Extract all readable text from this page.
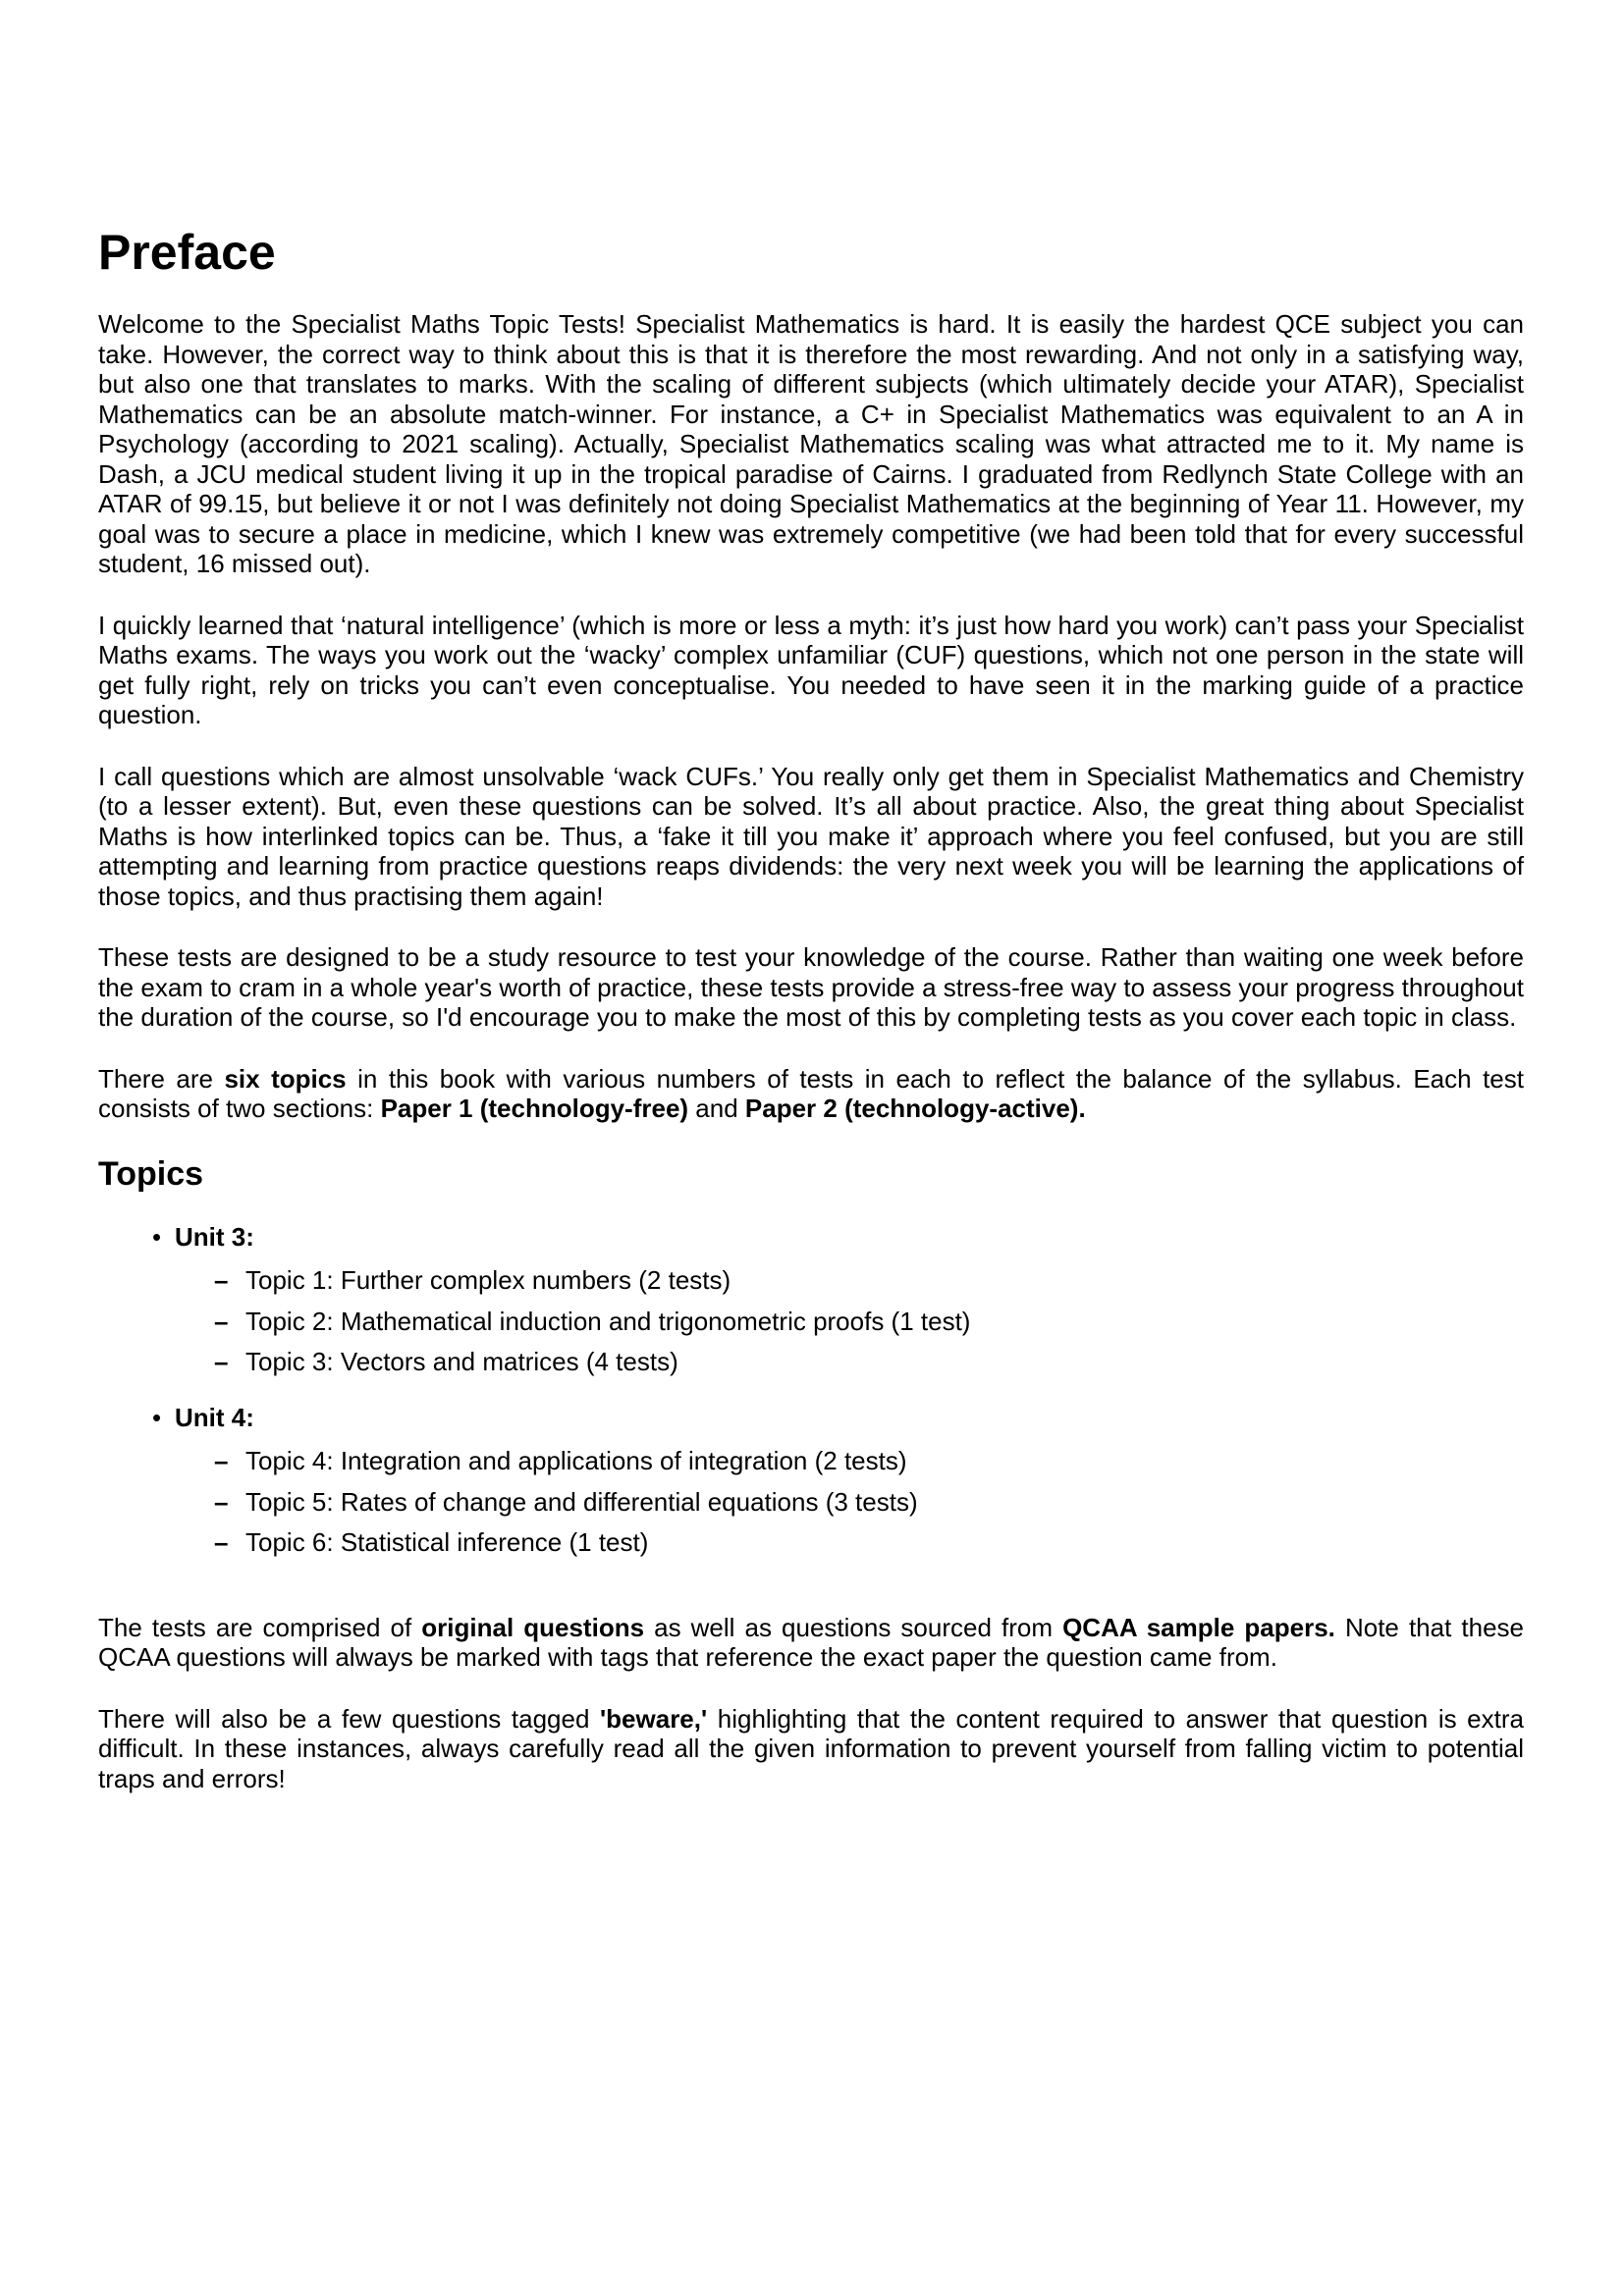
Preface

Welcome to the Specialist Maths Topic Tests! Specialist Mathematics is hard. It is easily the hardest QCE subject you can take. However, the correct way to think about this is that it is therefore the most rewarding. And not only in a satisfying way, but also one that translates to marks. With the scaling of different subjects (which ultimately decide your ATAR), Specialist Mathematics can be an absolute match-winner. For instance, a C+ in Specialist Mathematics was equivalent to an A in Psychology (according to 2021 scaling). Actually, Specialist Mathematics scaling was what attracted me to it. My name is Dash, a JCU medical student living it up in the tropical paradise of Cairns. I graduated from Redlynch State College with an ATAR of 99.15, but believe it or not I was definitely not doing Specialist Mathematics at the beginning of Year 11. However, my goal was to secure a place in medicine, which I knew was extremely competitive (we had been told that for every successful student, 16 missed out).

I quickly learned that ‘natural intelligence’ (which is more or less a myth: it’s just how hard you work) can’t pass your Specialist Maths exams. The ways you work out the ‘wacky’ complex unfamiliar (CUF) questions, which not one person in the state will get fully right, rely on tricks you can’t even conceptualise. You needed to have seen it in the marking guide of a practice question.

I call questions which are almost unsolvable ‘wack CUFs.’ You really only get them in Specialist Mathematics and Chemistry (to a lesser extent). But, even these questions can be solved. It’s all about practice. Also, the great thing about Specialist Maths is how interlinked topics can be. Thus, a ‘fake it till you make it’ approach where you feel confused, but you are still attempting and learning from practice questions reaps dividends: the very next week you will be learning the applications of those topics, and thus practising them again!

These tests are designed to be a study resource to test your knowledge of the course. Rather than waiting one week before the exam to cram in a whole year's worth of practice, these tests provide a stress-free way to assess your progress throughout the duration of the course, so I'd encourage you to make the most of this by completing tests as you cover each topic in class.

There are six topics in this book with various numbers of tests in each to reflect the balance of the syllabus. Each test consists of two sections: Paper 1 (technology-free) and Paper 2 (technology-active).

Topics
• Unit 3:
– Topic 1: Further complex numbers (2 tests)
– Topic 2: Mathematical induction and trigonometric proofs (1 test)
– Topic 3: Vectors and matrices (4 tests)
• Unit 4:
– Topic 4: Integration and applications of integration (2 tests)
– Topic 5: Rates of change and differential equations (3 tests)
– Topic 6: Statistical inference (1 test)

The tests are comprised of original questions as well as questions sourced from QCAA sample papers. Note that these QCAA questions will always be marked with tags that reference the exact paper the question came from.

There will also be a few questions tagged 'beware,' highlighting that the content required to answer that question is extra difficult. In these instances, always carefully read all the given information to prevent yourself from falling victim to potential traps and errors!
